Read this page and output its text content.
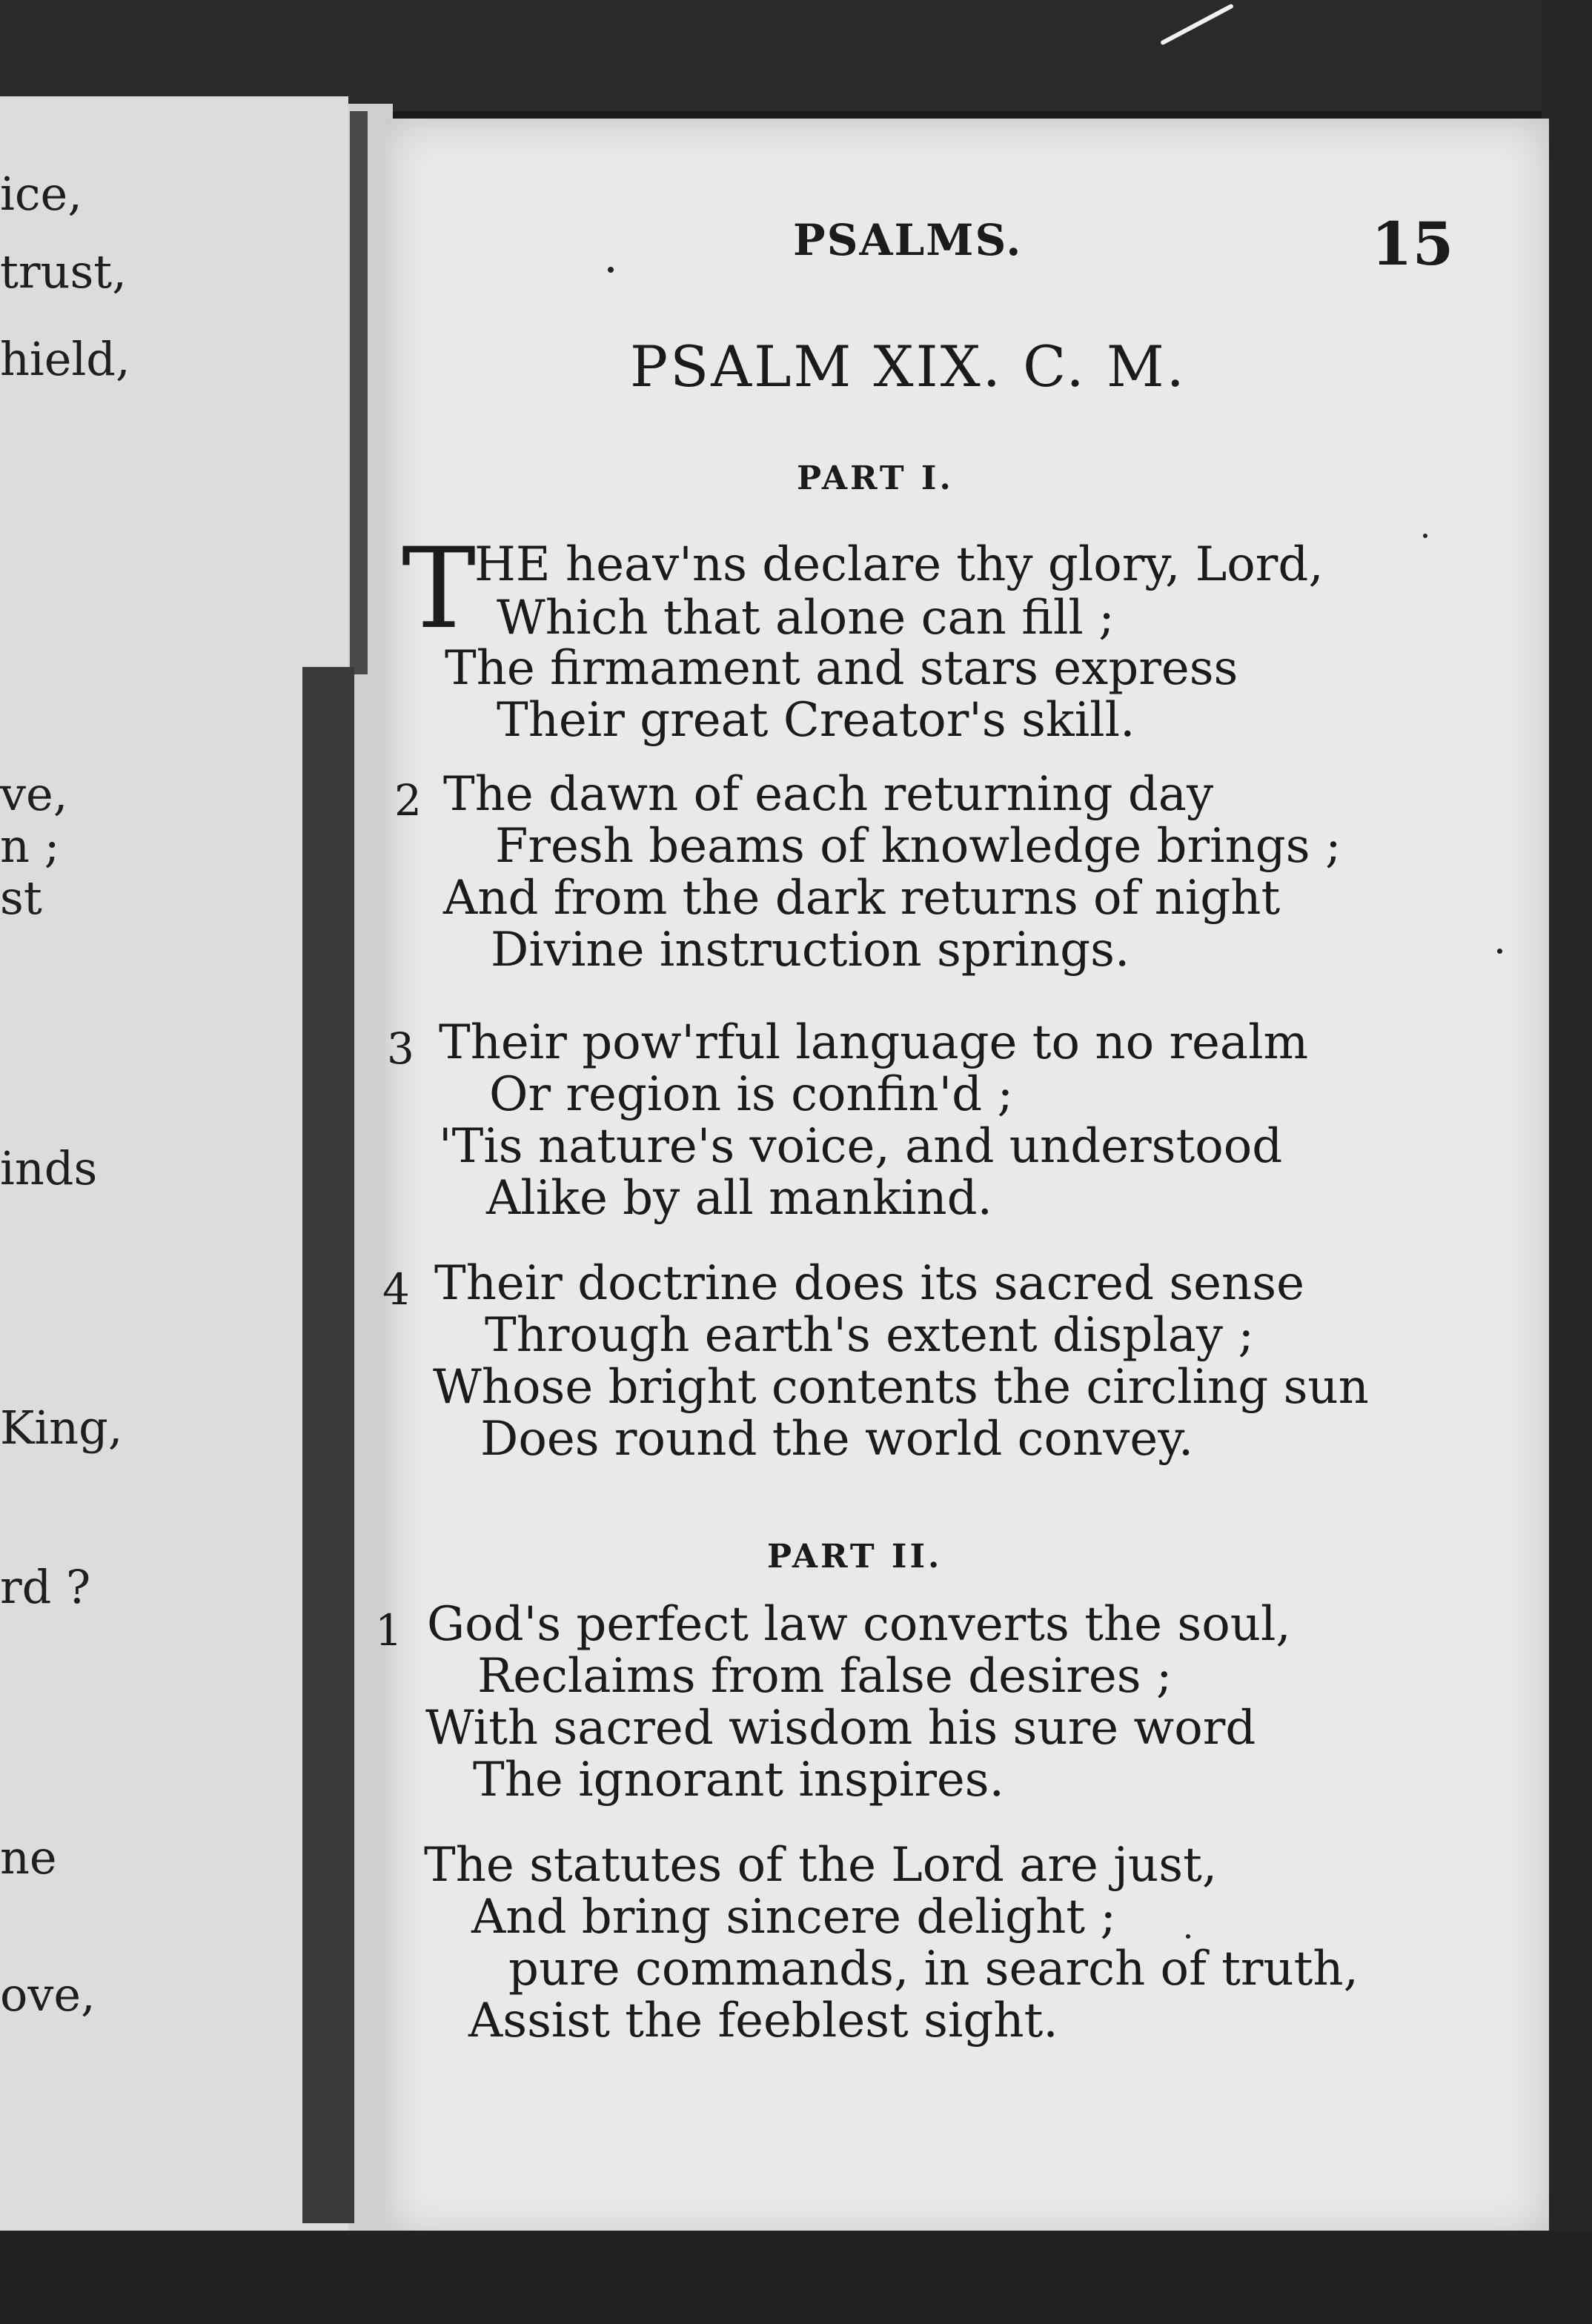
ice,
trust,
hield,
ve,
n ;
st
inds
King,
rd ?
ne
ove,
PSALMS.	15
PSALM XIX. C. M.
PART I.
T
HE heav'ns declare thy glory, Lord,
Which that alone can fill ;
The firmament and stars express
Their great Creator's skill.
2 The dawn of each returning day
Fresh beams of knowledge brings ;
And from the dark returns of night
Divine instruction springs.
3 Their pow'rful language to no realm
Or region is confin'd ;
'Tis nature's voice, and understood
Alike by all mankind.
4 Their doctrine does its sacred sense
Through earth's extent display ;
Whose bright contents the circling sun
Does round the world convey.
PART II.
1 God's perfect law converts the soul,
Reclaims from false desires ;
With sacred wisdom his sure word
The ignorant inspires.
The statutes of the Lord are just,
And bring sincere delight ;
pure commands, in search of truth,
Assist the feeblest sight.
